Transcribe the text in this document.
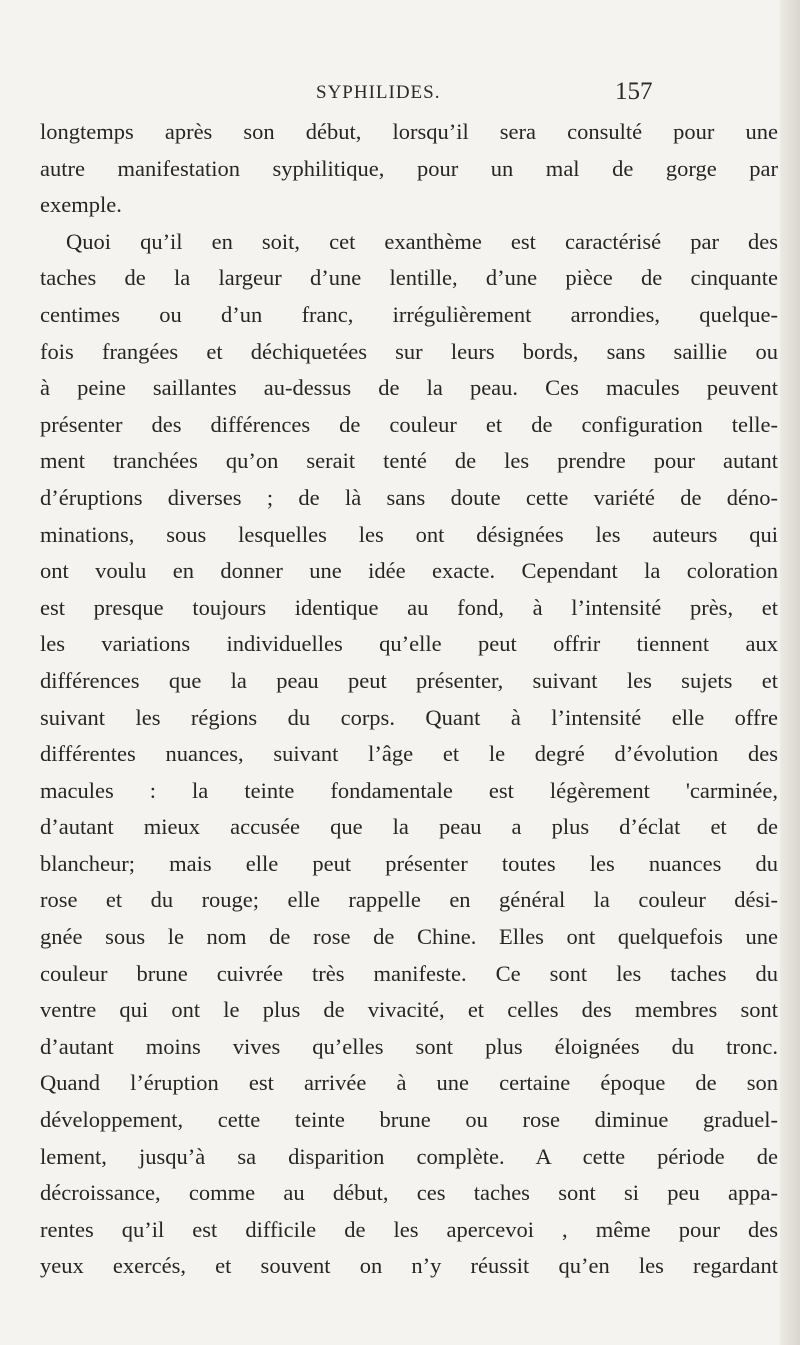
SYPHILIDES.	157
longtemps après son début, lorsqu’il sera consulté pour une
autre manifestation syphilitique, pour un mal de gorge par
exemple.
Quoi qu’il en soit, cet exanthème est caractérisé par des
taches de la largeur d’une lentille, d’une pièce de cinquante
centimes ou d’un franc, irrégulièrement arrondies, quelque-
fois frangées et déchiquetées sur leurs bords, sans saillie ou
à peine saillantes au-dessus de la peau. Ces macules peuvent
présenter des différences de couleur et de configuration telle-
ment tranchées qu’on serait tenté de les prendre pour autant
d’éruptions diverses ; de là sans doute cette variété de déno-
minations, sous lesquelles les ont désignées les auteurs qui
ont voulu en donner une idée exacte. Cependant la coloration
est presque toujours identique au fond, à l’intensité près, et
les variations individuelles qu’elle peut offrir tiennent aux
différences que la peau peut présenter, suivant les sujets et
suivant les régions du corps. Quant à l’intensité elle offre
différentes nuances, suivant l’âge et le degré d’évolution des
macules : la teinte fondamentale est légèrement 'carminée,
d’autant mieux accusée que la peau a plus d’éclat et de
blancheur; mais elle peut présenter toutes les nuances du
rose et du rouge; elle rappelle en général la couleur dési-
gnée sous le nom de rose de Chine. Elles ont quelquefois une
couleur brune cuivrée très manifeste. Ce sont les taches du
ventre qui ont le plus de vivacité, et celles des membres sont
d’autant moins vives qu’elles sont plus éloignées du tronc.
Quand l’éruption est arrivée à une certaine époque de son
développement, cette teinte brune ou rose diminue graduel-
lement, jusqu’à sa disparition complète. A cette période de
décroissance, comme au début, ces taches sont si peu appa-
rentes qu’il est difficile de les apercevoi , même pour des
yeux exercés, et souvent on n’y réussit qu’en les regardant
